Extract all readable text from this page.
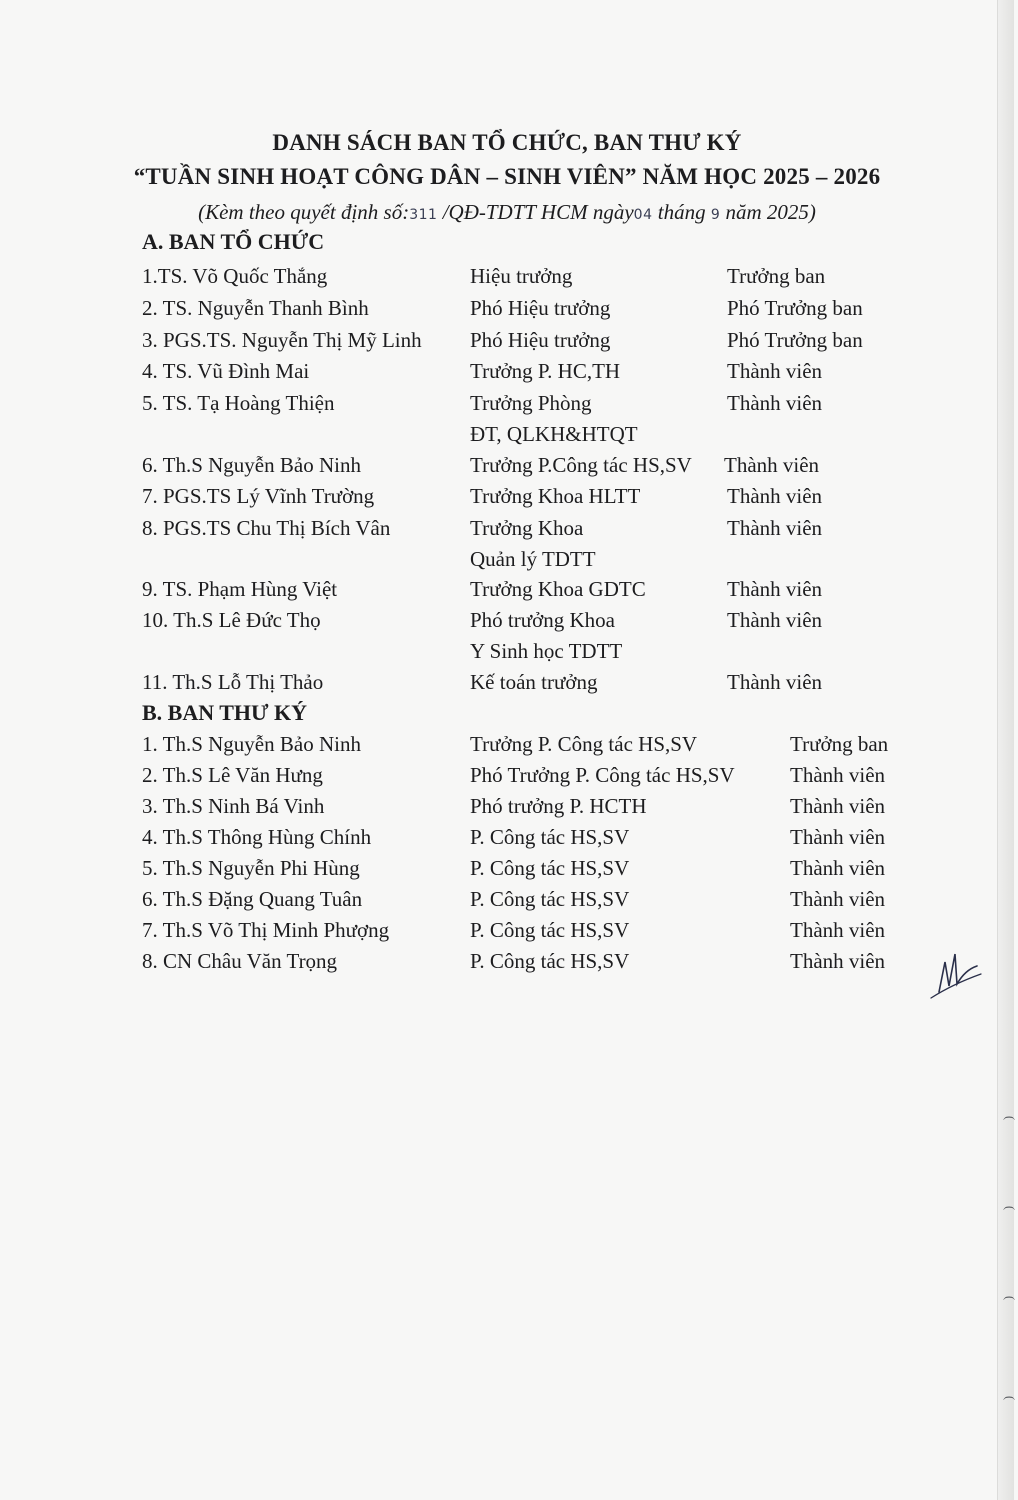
(
(
(
(
DANH SÁCH BAN TỔ CHỨC, BAN THƯ KÝ
“TUẦN SINH HOẠT CÔNG DÂN – SINH VIÊN” NĂM HỌC 2025 – 2026
(Kèm theo quyết định số:311 /QĐ-TDTT HCM ngày04 tháng 9 năm 2025)
A. BAN TỔ CHỨC
1.TS. Võ Quốc Thắng	Hiệu trưởng	Trưởng ban
2. TS. Nguyễn Thanh Bình	Phó Hiệu trưởng	Phó Trưởng ban
3. PGS.TS. Nguyễn Thị Mỹ Linh Phó Hiệu trưởng	Phó Trưởng ban
4. TS. Vũ Đình Mai	Trưởng P. HC,TH	Thành viên
5. TS. Tạ Hoàng Thiện	Trưởng Phòng	Thành viên
ĐT, QLKH&HTQT
6. Th.S Nguyễn Bảo Ninh	Trưởng P.Công tác HS,SV Thành viên
7. PGS.TS Lý Vĩnh Trường	Trưởng Khoa HLTT	Thành viên
8. PGS.TS Chu Thị Bích Vân	Trưởng Khoa	Thành viên
Quản lý TDTT
9. TS. Phạm Hùng Việt	Trưởng Khoa GDTC	Thành viên
10. Th.S Lê Đức Thọ	Phó trưởng Khoa	Thành viên
Y Sinh học TDTT
11. Th.S Lỗ Thị Thảo	Kế toán trưởng	Thành viên
B. BAN THƯ KÝ
1. Th.S Nguyễn Bảo Ninh	Trưởng P. Công tác HS,SV	Trưởng ban
2. Th.S Lê Văn Hưng	Phó Trưởng P. Công tác HS,SV	Thành viên
3. Th.S Ninh Bá Vinh	Phó trưởng P. HCTH	Thành viên
4. Th.S Thông Hùng Chính	P. Công tác HS,SV	Thành viên
5. Th.S Nguyễn Phi Hùng	P. Công tác HS,SV	Thành viên
6. Th.S Đặng Quang Tuân	P. Công tác HS,SV	Thành viên
7. Th.S Võ Thị Minh Phượng	P. Công tác HS,SV	Thành viên
8. CN Châu Văn Trọng	P. Công tác HS,SV	Thành viên
